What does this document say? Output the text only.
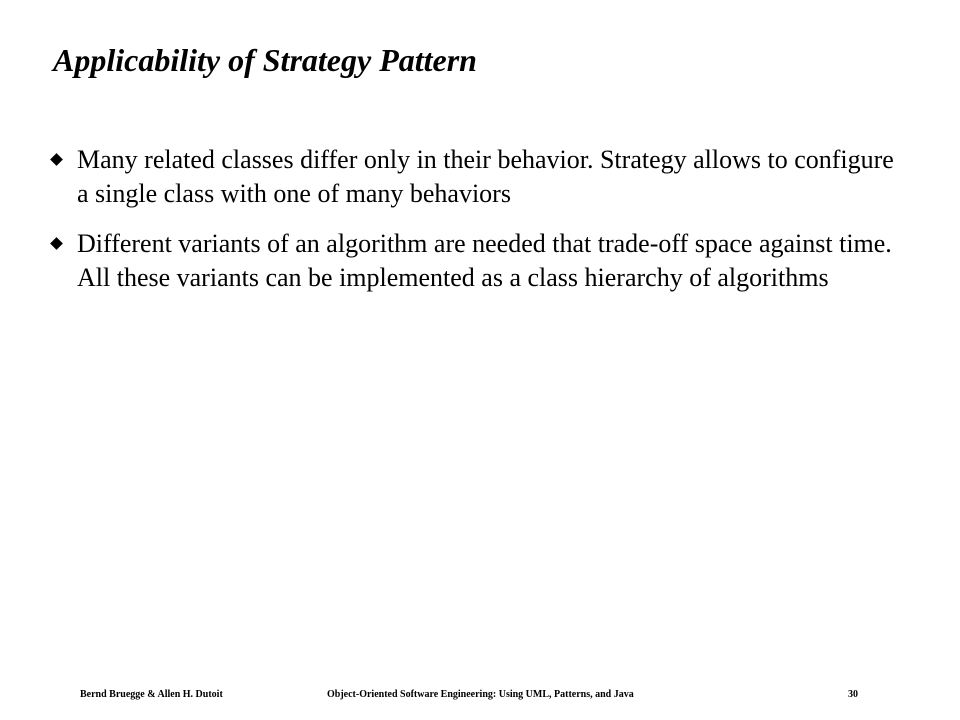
Applicability of Strategy Pattern
Many related classes differ only in their behavior. Strategy allows to configure a single class with one of many behaviors
Different variants of an algorithm are needed that trade-off space against time. All these variants can be implemented as a class hierarchy of algorithms
Bernd Bruegge & Allen H. Dutoit	Object-Oriented Software Engineering: Using UML, Patterns, and Java	30
